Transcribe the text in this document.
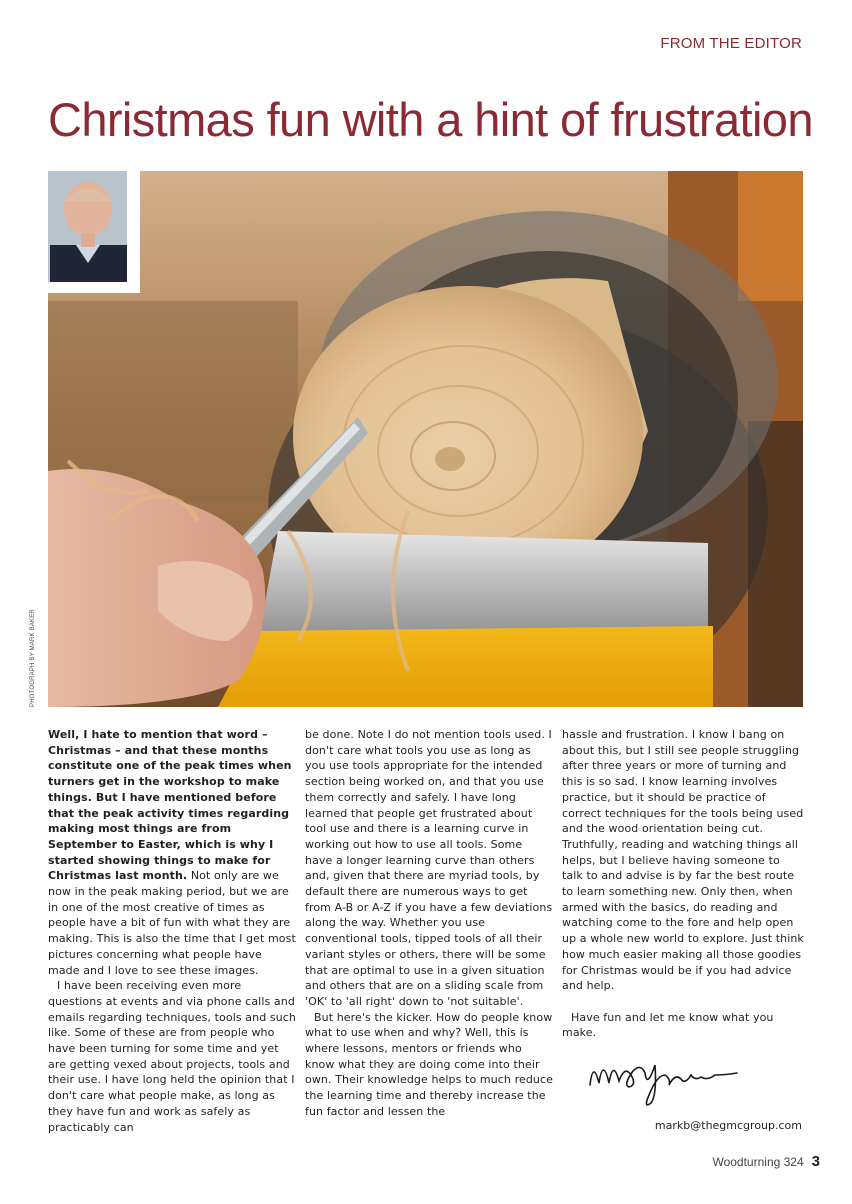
FROM THE EDITOR
Christmas fun with a hint of frustration
PHOTOGRAPH BY MARK BAKER

Well, I hate to mention that word – Christmas – and that these months constitute one of the peak times when turners get in the workshop to make things. But I have mentioned before that the peak activity times regarding making most things are from September to Easter, which is why I started showing things to make for Christmas last month. Not only are we now in the peak making period, but we are in one of the most creative of times as people have a bit of fun with what they are making. This is also the time that I get most pictures concerning what people have made and I love to see these images.

I have been receiving even more questions at events and via phone calls and emails regarding techniques, tools and such like. Some of these are from people who have been turning for some time and yet are getting vexed about projects, tools and their use. I have long held the opinion that I don't care what people make, as long as they have fun and work as safely as practicably can

be done. Note I do not mention tools used. I don't care what tools you use as long as you use tools appropriate for the intended section being worked on, and that you use them correctly and safely. I have long learned that people get frustrated about tool use and there is a learning curve in working out how to use all tools. Some have a longer learning curve than others and, given that there are myriad tools, by default there are numerous ways to get from A-B or A-Z if you have a few deviations along the way. Whether you use conventional tools, tipped tools of all their variant styles or others, there will be some that are optimal to use in a given situation and others that are on a sliding scale from 'OK' to 'all right' down to 'not suitable'.

But here's the kicker. How do people know what to use when and why? Well, this is where lessons, mentors or friends who know what they are doing come into their own. Their knowledge helps to much reduce the learning time and thereby increase the fun factor and lessen the

hassle and frustration. I know I bang on about this, but I still see people struggling after three years or more of turning and this is so sad. I know learning involves practice, but it should be practice of correct techniques for the tools being used and the wood orientation being cut. Truthfully, reading and watching things all helps, but I believe having someone to talk to and advise is by far the best route to learn something new. Only then, when armed with the basics, do reading and watching come to the fore and help open up a whole new world to explore. Just think how much easier making all those goodies for Christmas would be if you had advice and help.

Have fun and let me know what you make.

markb@thegmcgroup.com
Woodturning 324 3
